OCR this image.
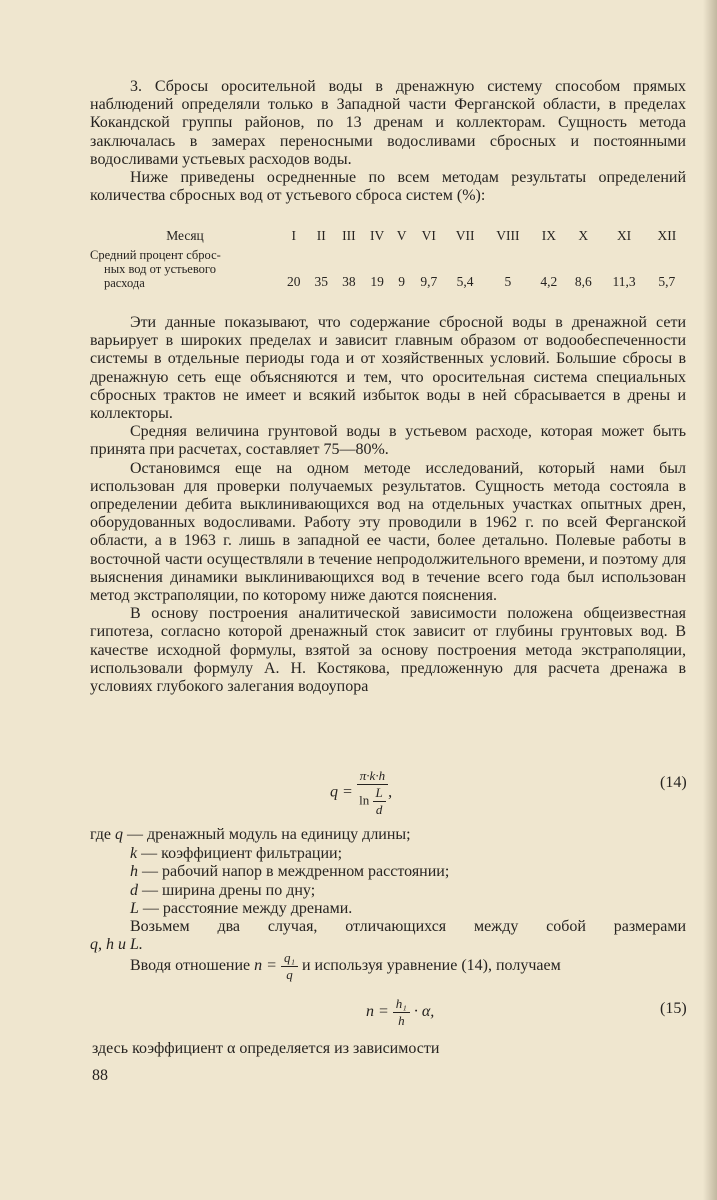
3. Сбросы оросительной воды в дренажную систему способом прямых наблюдений определяли только в Западной части Ферганской области, в пределах Кокандской группы районов, по 13 дренам и коллекторам. Сущность метода заключалась в замерах переносными водосливами сбросных и постоянными водосливами устьевых расходов воды.

Ниже приведены осредненные по всем методам результаты определений количества сбросных вод от устьевого сброса систем (%):

Месяц	I	II	III	IV	V	VI	VII	VIII	IX	X	XI	XII
Средний процент сброс-
ных вод от устьевого
расхода	20	35	38	19	9	9,7	5,4	5	4,2	8,6	11,3	5,7

Эти данные показывают, что содержание сбросной воды в дренажной сети варьирует в широких пределах и зависит главным образом от водообеспеченности системы в отдельные периоды года и от хозяйственных условий. Большие сбросы в дренажную сеть еще объясняются и тем, что оросительная система специальных сбросных трактов не имеет и всякий избыток воды в ней сбрасывается в дрены и коллекторы.

Средняя величина грунтовой воды в устьевом расходе, которая может быть принята при расчетах, составляет 75—80%.

Остановимся еще на одном методе исследований, который нами был использован для проверки получаемых результатов. Сущность метода состояла в определении дебита выклинивающихся вод на отдельных участках опытных дрен, оборудованных водосливами. Работу эту проводили в 1962 г. по всей Ферганской области, а в 1963 г. лишь в западной ее части, более детально. Полевые работы в восточной части осуществляли в течение непродолжительного времени, и поэтому для выяснения динамики выклинивающихся вод в течение всего года был использован метод экстраполяции, по которому ниже даются пояснения.

В основу построения аналитической зависимости положена общеизвестная гипотеза, согласно которой дренажный сток зависит от глубины грунтовых вод. В качестве исходной формулы, взятой за основу построения метода экстраполяции, использовали формулу А. Н. Костякова, предложенную для расчета дренажа в условиях глубокого залегания водоупора

$q = \frac{\pi\cdot k\cdot h}{\ln \frac{L}{d}}$ ,
(14)
где q — дренажный модуль на единицу длины;
k — коэффициент фильтрации;
h — рабочий напор в междренном расстоянии;
d — ширина дрены по дну;
L — расстояние между дренами.

Возьмем два случая, отличающихся между собой размерами

q, h и L.

Вводя отношение $n = \frac{\text{q₁}}{q}$ и используя уравнение (14), получаем
$n = \frac{\text{h₁}}{h} \cdot \alpha$,	(15)
здесь коэффициент α определяется из зависимости
88
